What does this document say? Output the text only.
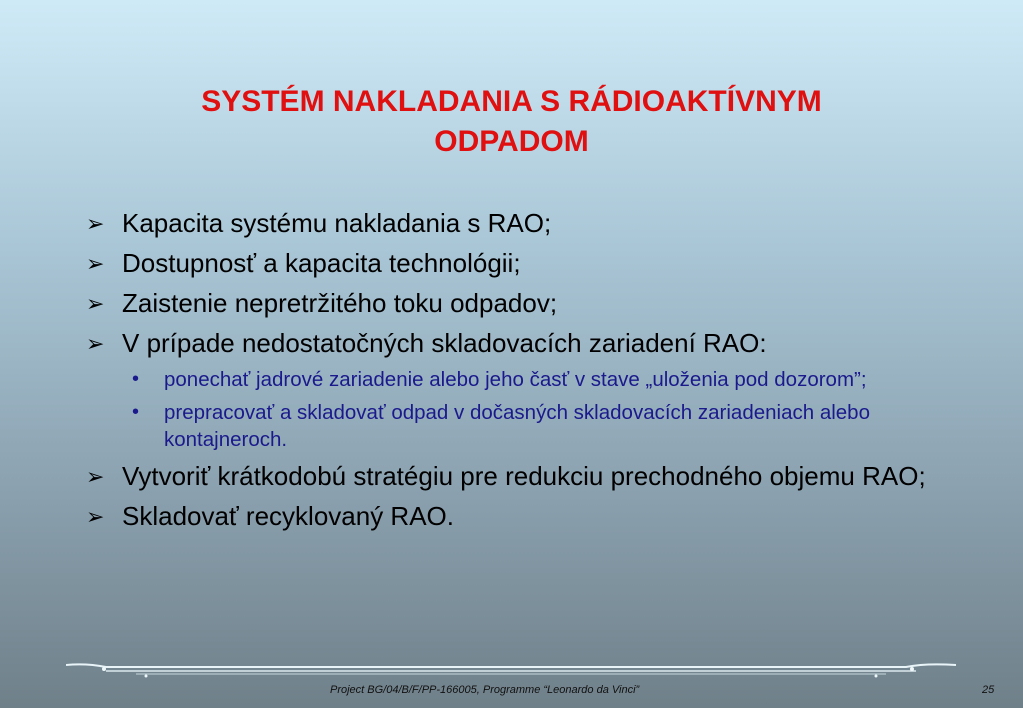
SYSTÉM NAKLADANIA S RÁDIOAKTÍVNYM
ODPADOM
➢ Kapacita systému nakladania s RAO;
➢ Dostupnosť a kapacita technológii;
➢ Zaistenie nepretržitého toku odpadov;
➢ V prípade nedostatočných skladovacích zariadení RAO:
• ponechať jadrové zariadenie alebo jeho časť v stave „uloženia pod dozorom”;
• prepracovať a skladovať odpad v dočasných skladovacích zariadeniach alebo kontajneroch.
➢ Vytvoriť krátkodobú stratégiu pre redukciu prechodného objemu RAO;
➢ Skladovať recyklovaný RAO.
Project BG/04/B/F/PP-166005, Programme “Leonardo da Vinci”	25
